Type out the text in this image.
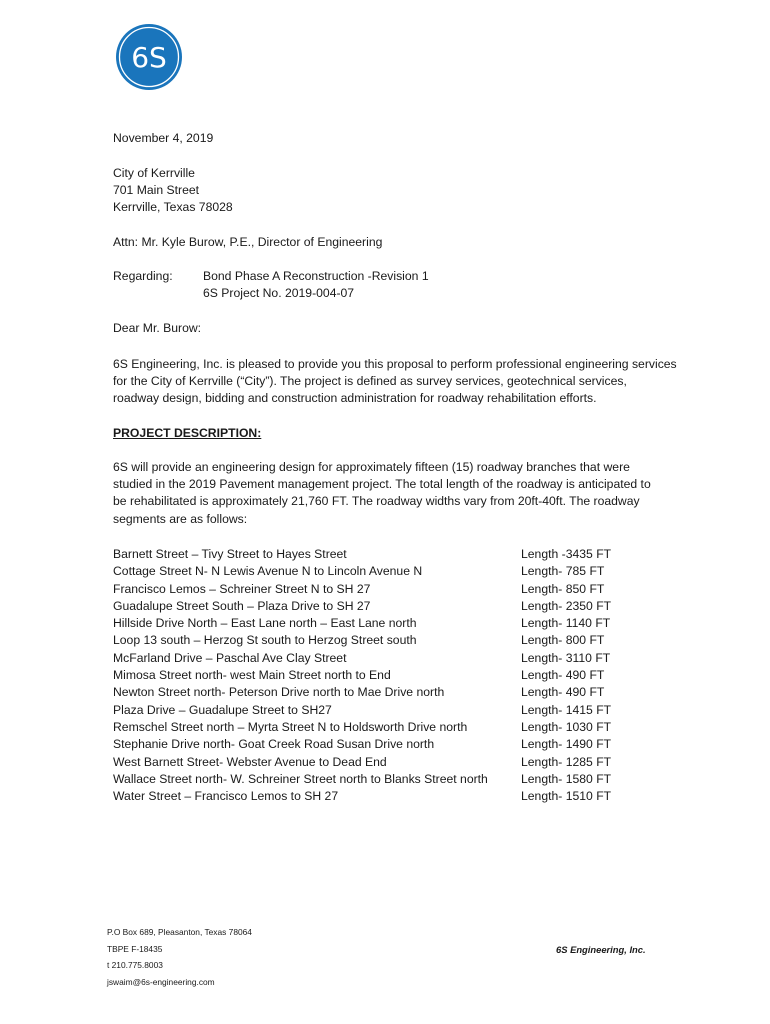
6S
November 4, 2019
City of Kerrville
701 Main Street
Kerrville, Texas 78028
Attn: Mr. Kyle Burow, P.E., Director of Engineering
Regarding: Bond Phase A Reconstruction -Revision 1
6S Project No. 2019-004-07
Dear Mr. Burow:
6S Engineering, Inc. is pleased to provide you this proposal to perform professional engineering services
for the City of Kerrville (“City”). The project is defined as survey services, geotechnical services,
roadway design, bidding and construction administration for roadway rehabilitation efforts.
PROJECT DESCRIPTION:
6S will provide an engineering design for approximately fifteen (15) roadway branches that were
studied in the 2019 Pavement management project. The total length of the roadway is anticipated to
be rehabilitated is approximately 21,760 FT. The roadway widths vary from 20ft-40ft. The roadway
segments are as follows:
Barnett Street – Tivy Street to Hayes Street	Length -3435 FT
Cottage Street N- N Lewis Avenue N to Lincoln Avenue N	Length- 785 FT
Francisco Lemos – Schreiner Street N to SH 27	Length- 850 FT
Guadalupe Street South – Plaza Drive to SH 27	Length- 2350 FT
Hillside Drive North – East Lane north – East Lane north	Length- 1140 FT
Loop 13 south – Herzog St south to Herzog Street south	Length- 800 FT
McFarland Drive – Paschal Ave Clay Street	Length- 3110 FT
Mimosa Street north- west Main Street north to End	Length- 490 FT
Newton Street north- Peterson Drive north to Mae Drive north	Length- 490 FT
Plaza Drive – Guadalupe Street to SH27	Length- 1415 FT
Remschel Street north – Myrta Street N to Holdsworth Drive north	Length- 1030 FT
Stephanie Drive north- Goat Creek Road Susan Drive north	Length- 1490 FT
West Barnett Street- Webster Avenue to Dead End	Length- 1285 FT
Wallace Street north- W. Schreiner Street north to Blanks Street north	Length- 1580 FT
Water Street – Francisco Lemos to SH 27	Length- 1510 FT
P.O Box 689, Pleasanton, Texas 78064
TBPE F-18435
t 210.775.8003
jswaim@6s-engineering.com
6S Engineering, Inc.
